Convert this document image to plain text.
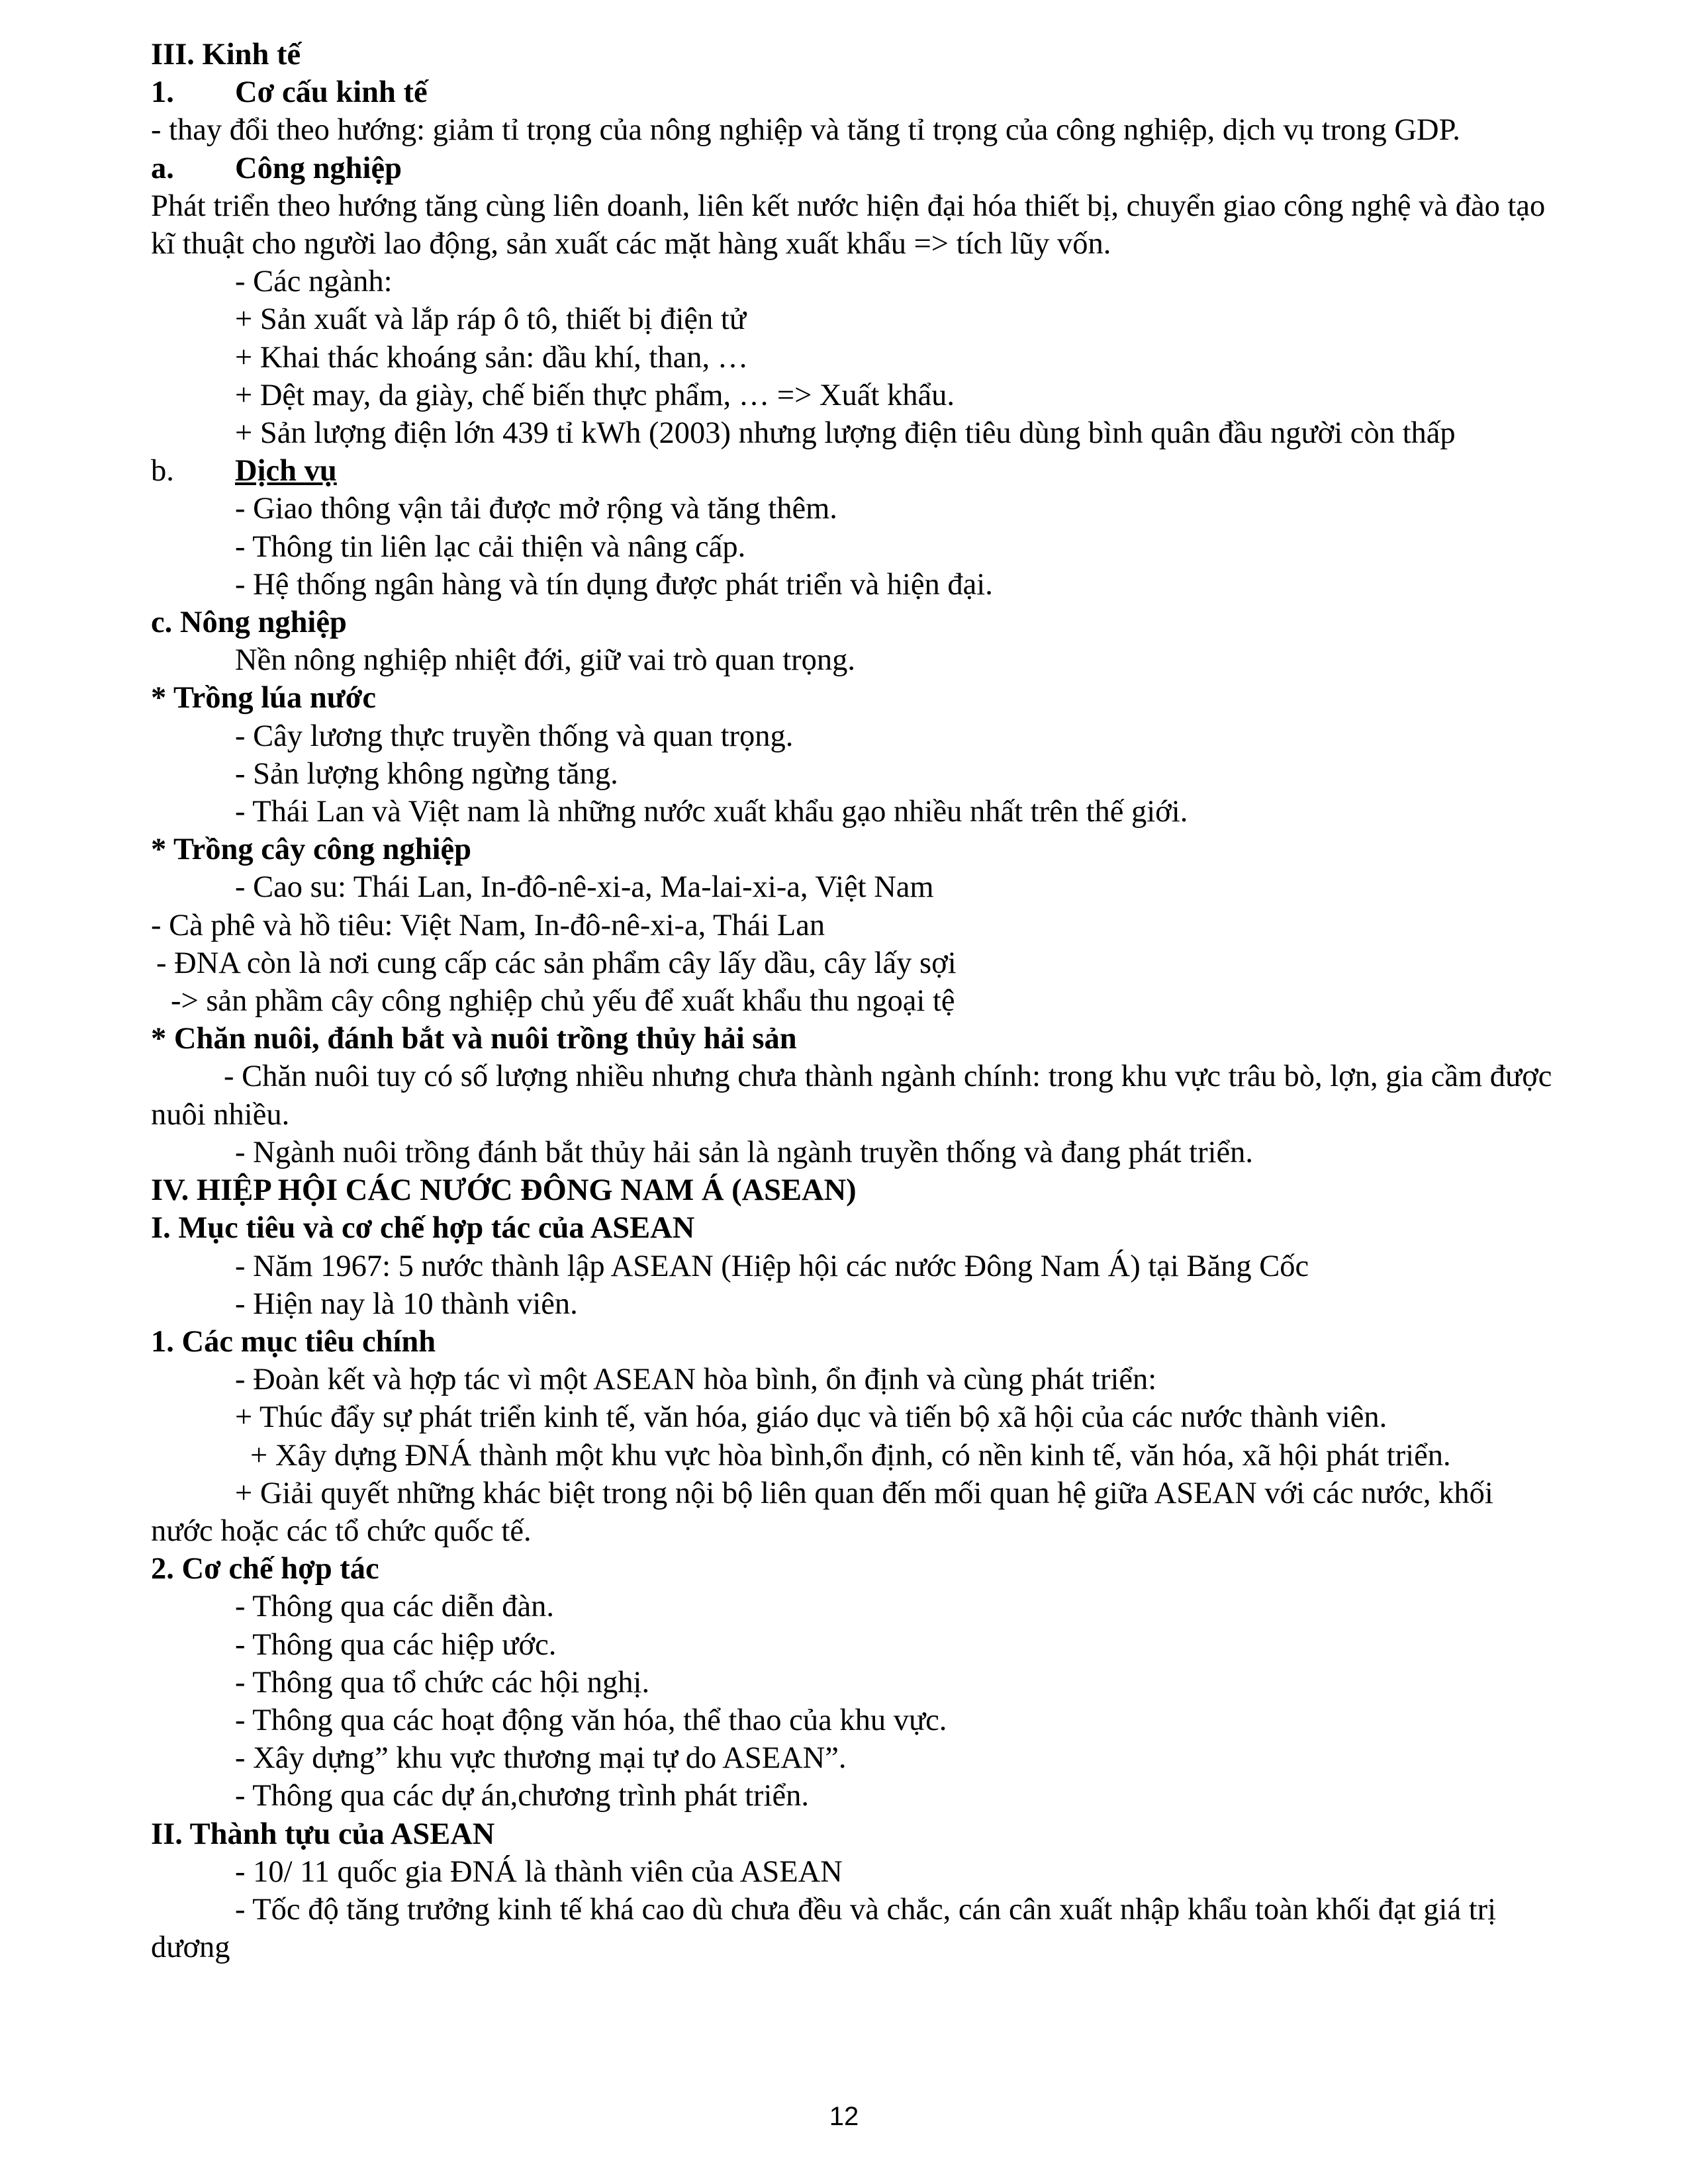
III. Kinh tế
1. Cơ cấu kinh tế
- thay đổi theo hướng: giảm tỉ trọng của nông nghiệp và tăng tỉ trọng của công nghiệp, dịch vụ trong GDP.
a. Công nghiệp
Phát triển theo hướng tăng cùng liên doanh, liên kết nước hiện đại hóa thiết bị, chuyển giao công nghệ và đào tạo kĩ thuật cho người lao động, sản xuất các mặt hàng xuất khẩu => tích lũy vốn.
- Các ngành:
+ Sản xuất và lắp ráp ô tô, thiết bị điện tử
+ Khai thác khoáng sản: dầu khí, than, …
+ Dệt may, da giày, chế biến thực phẩm, … => Xuất khẩu.
+ Sản lượng điện lớn 439 tỉ kWh (2003) nhưng lượng điện tiêu dùng bình quân đầu người còn thấp
b. Dịch vụ
- Giao thông vận tải được mở rộng và tăng thêm.
- Thông tin liên lạc cải thiện và nâng cấp.
- Hệ thống ngân hàng và tín dụng được phát triển và hiện đại.
c. Nông nghiệp
Nền nông nghiệp nhiệt đới, giữ vai trò quan trọng.
* Trồng lúa nước
- Cây lương thực truyền thống và quan trọng.
- Sản lượng không ngừng tăng.
- Thái Lan và Việt nam là những nước xuất khẩu gạo nhiều nhất trên thế giới.
* Trồng cây công nghiệp
- Cao su: Thái Lan, In-đô-nê-xi-a, Ma-lai-xi-a, Việt Nam
- Cà phê và hồ tiêu: Việt Nam, In-đô-nê-xi-a, Thái Lan
- ĐNA còn là nơi cung cấp các sản phẩm cây lấy dầu, cây lấy sợi
-> sản phầm cây công nghiệp chủ yếu để xuất khẩu thu ngoại tệ
* Chăn nuôi, đánh bắt và nuôi trồng thủy hải sản
- Chăn nuôi tuy có số lượng nhiều nhưng chưa thành ngành chính: trong khu vực trâu bò, lợn, gia cầm được nuôi nhiều.
- Ngành nuôi trồng đánh bắt thủy hải sản là ngành truyền thống và đang phát triển.
IV. HIỆP HỘI CÁC NƯỚC ĐÔNG NAM Á (ASEAN)
I. Mục tiêu và cơ chế hợp tác của ASEAN
- Năm 1967: 5 nước thành lập ASEAN (Hiệp hội các nước Đông Nam Á) tại Băng Cốc
- Hiện nay là 10 thành viên.
1. Các mục tiêu chính
- Đoàn kết và hợp tác vì một ASEAN hòa bình, ổn định và cùng phát triển:
+ Thúc đẩy sự phát triển kinh tế, văn hóa, giáo dục và tiến bộ xã hội của các nước thành viên.
+ Xây dựng ĐNÁ thành một khu vực hòa bình,ổn định, có nền kinh tế, văn hóa, xã hội phát triển.
+ Giải quyết những khác biệt trong nội bộ liên quan đến mối quan hệ giữa ASEAN với các nước, khối nước hoặc các tổ chức quốc tế.
2. Cơ chế hợp tác
- Thông qua các diễn đàn.
- Thông qua các hiệp ước.
- Thông qua tổ chức các hội nghị.
- Thông qua các hoạt động văn hóa, thể thao của khu vực.
- Xây dựng” khu vực thương mại tự do ASEAN”.
- Thông qua các dự án,chương trình phát triển.
II. Thành tựu của ASEAN
- 10/ 11 quốc gia ĐNÁ là thành viên của ASEAN
- Tốc độ tăng trưởng kinh tế khá cao dù chưa đều và chắc, cán cân xuất nhập khẩu toàn khối đạt giá trị dương
12
